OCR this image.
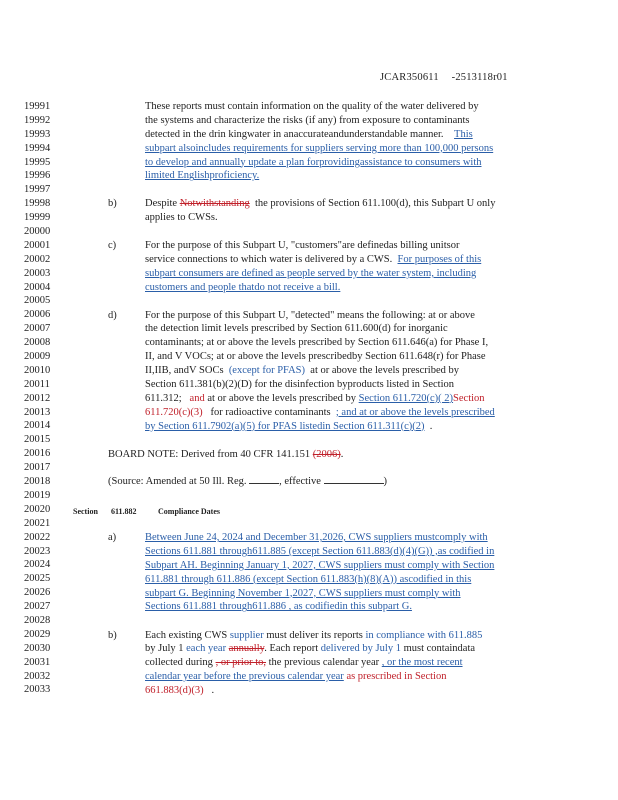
JCAR350611 -2513118r01
19991
19992
19993
19994
19995
19996
19997
19998
19999
20000
20001
20002
20003
20004
20005
20006
20007
20008
20009
20010
20011
20012
20013
20014
20015
20016
20017
20018
20019
20020
20021
20022
20023
20024
20025
20026
20027
20028
20029
20030
20031
20032
20033
These reports must contain information on the quality of the water delivered by
the systems and characterize the risks (if any) from exposure to contaminants
detected in the drin kingwater in anaccurateandunderstandable manner. This
subpart alsoincludes requirements for suppliers serving more than 100,000 persons
to develop and annually update a plan forprovidingassistance to consumers with
limited Englishproficiency.
b)	Despite Notwithstanding the provisions of Section 611.100(d), this Subpart U only
applies to CWSs.
c)	For the purpose of this Subpart U, "customers"are definedas billing unitsor
service connections to which water is delivered by a CWS. For purposes of this
subpart consumers are defined as people served by the water system, including
customers and people thatdo not receive a bill.
d)	For the purpose of this Subpart U, "detected" means the following: at or above
the detection limit levels prescribed by Section 611.600(d) for inorganic
contaminants; at or above the levels prescribed by Section 611.646(a) for Phase I,
II, and V VOCs; at or above the levels prescribedby Section 611.648(r) for Phase
II,IIB, andV SOCs (except for PFAS) at or above the levels prescribed by
Section 611.381(b)(2)(D) for the disinfection byproducts listed in Section
611.312; and at or above the levels prescribed by Section 611.720(c)( 2)Section
611.720(c)(3) for radioactive contaminants ; and at or above the levels prescribed
by Section 611.7902(a)(5) for PFAS listedin Section 611.311(c)(2) .
BOARD NOTE: Derived from 40 CFR 141.151 (2006).
(Source: Amended at 50 Ill. Reg.	, effective	)
Section 611.882	Compliance Dates
a)	Between June 24, 2024 and December 31,2026, CWS suppliers mustcomply with
Sections 611.881 through611.885 (except Section 611.883(d)(4)(G)) ,as codified in
Subpart AH. Beginning January 1, 2027, CWS suppliers must comply with Section
611.881 through 611.886 (except Section 611.883(h)(8)(A)) ascodified in this
subpart G. Beginning November 1,2027, CWS suppliers must comply with
Sections 611.881 through611.886 , as codifiedin this subpart G.
b)	Each existing CWS supplier must deliver its reports in compliance with 611.885
by July 1 each year annually. Each report delivered by July 1 must containdata
collected during , or prior to, the previous calendar year , or the most recent
calendar year before the previous calendar year as prescribed in Section
661.883(d)(3) .
